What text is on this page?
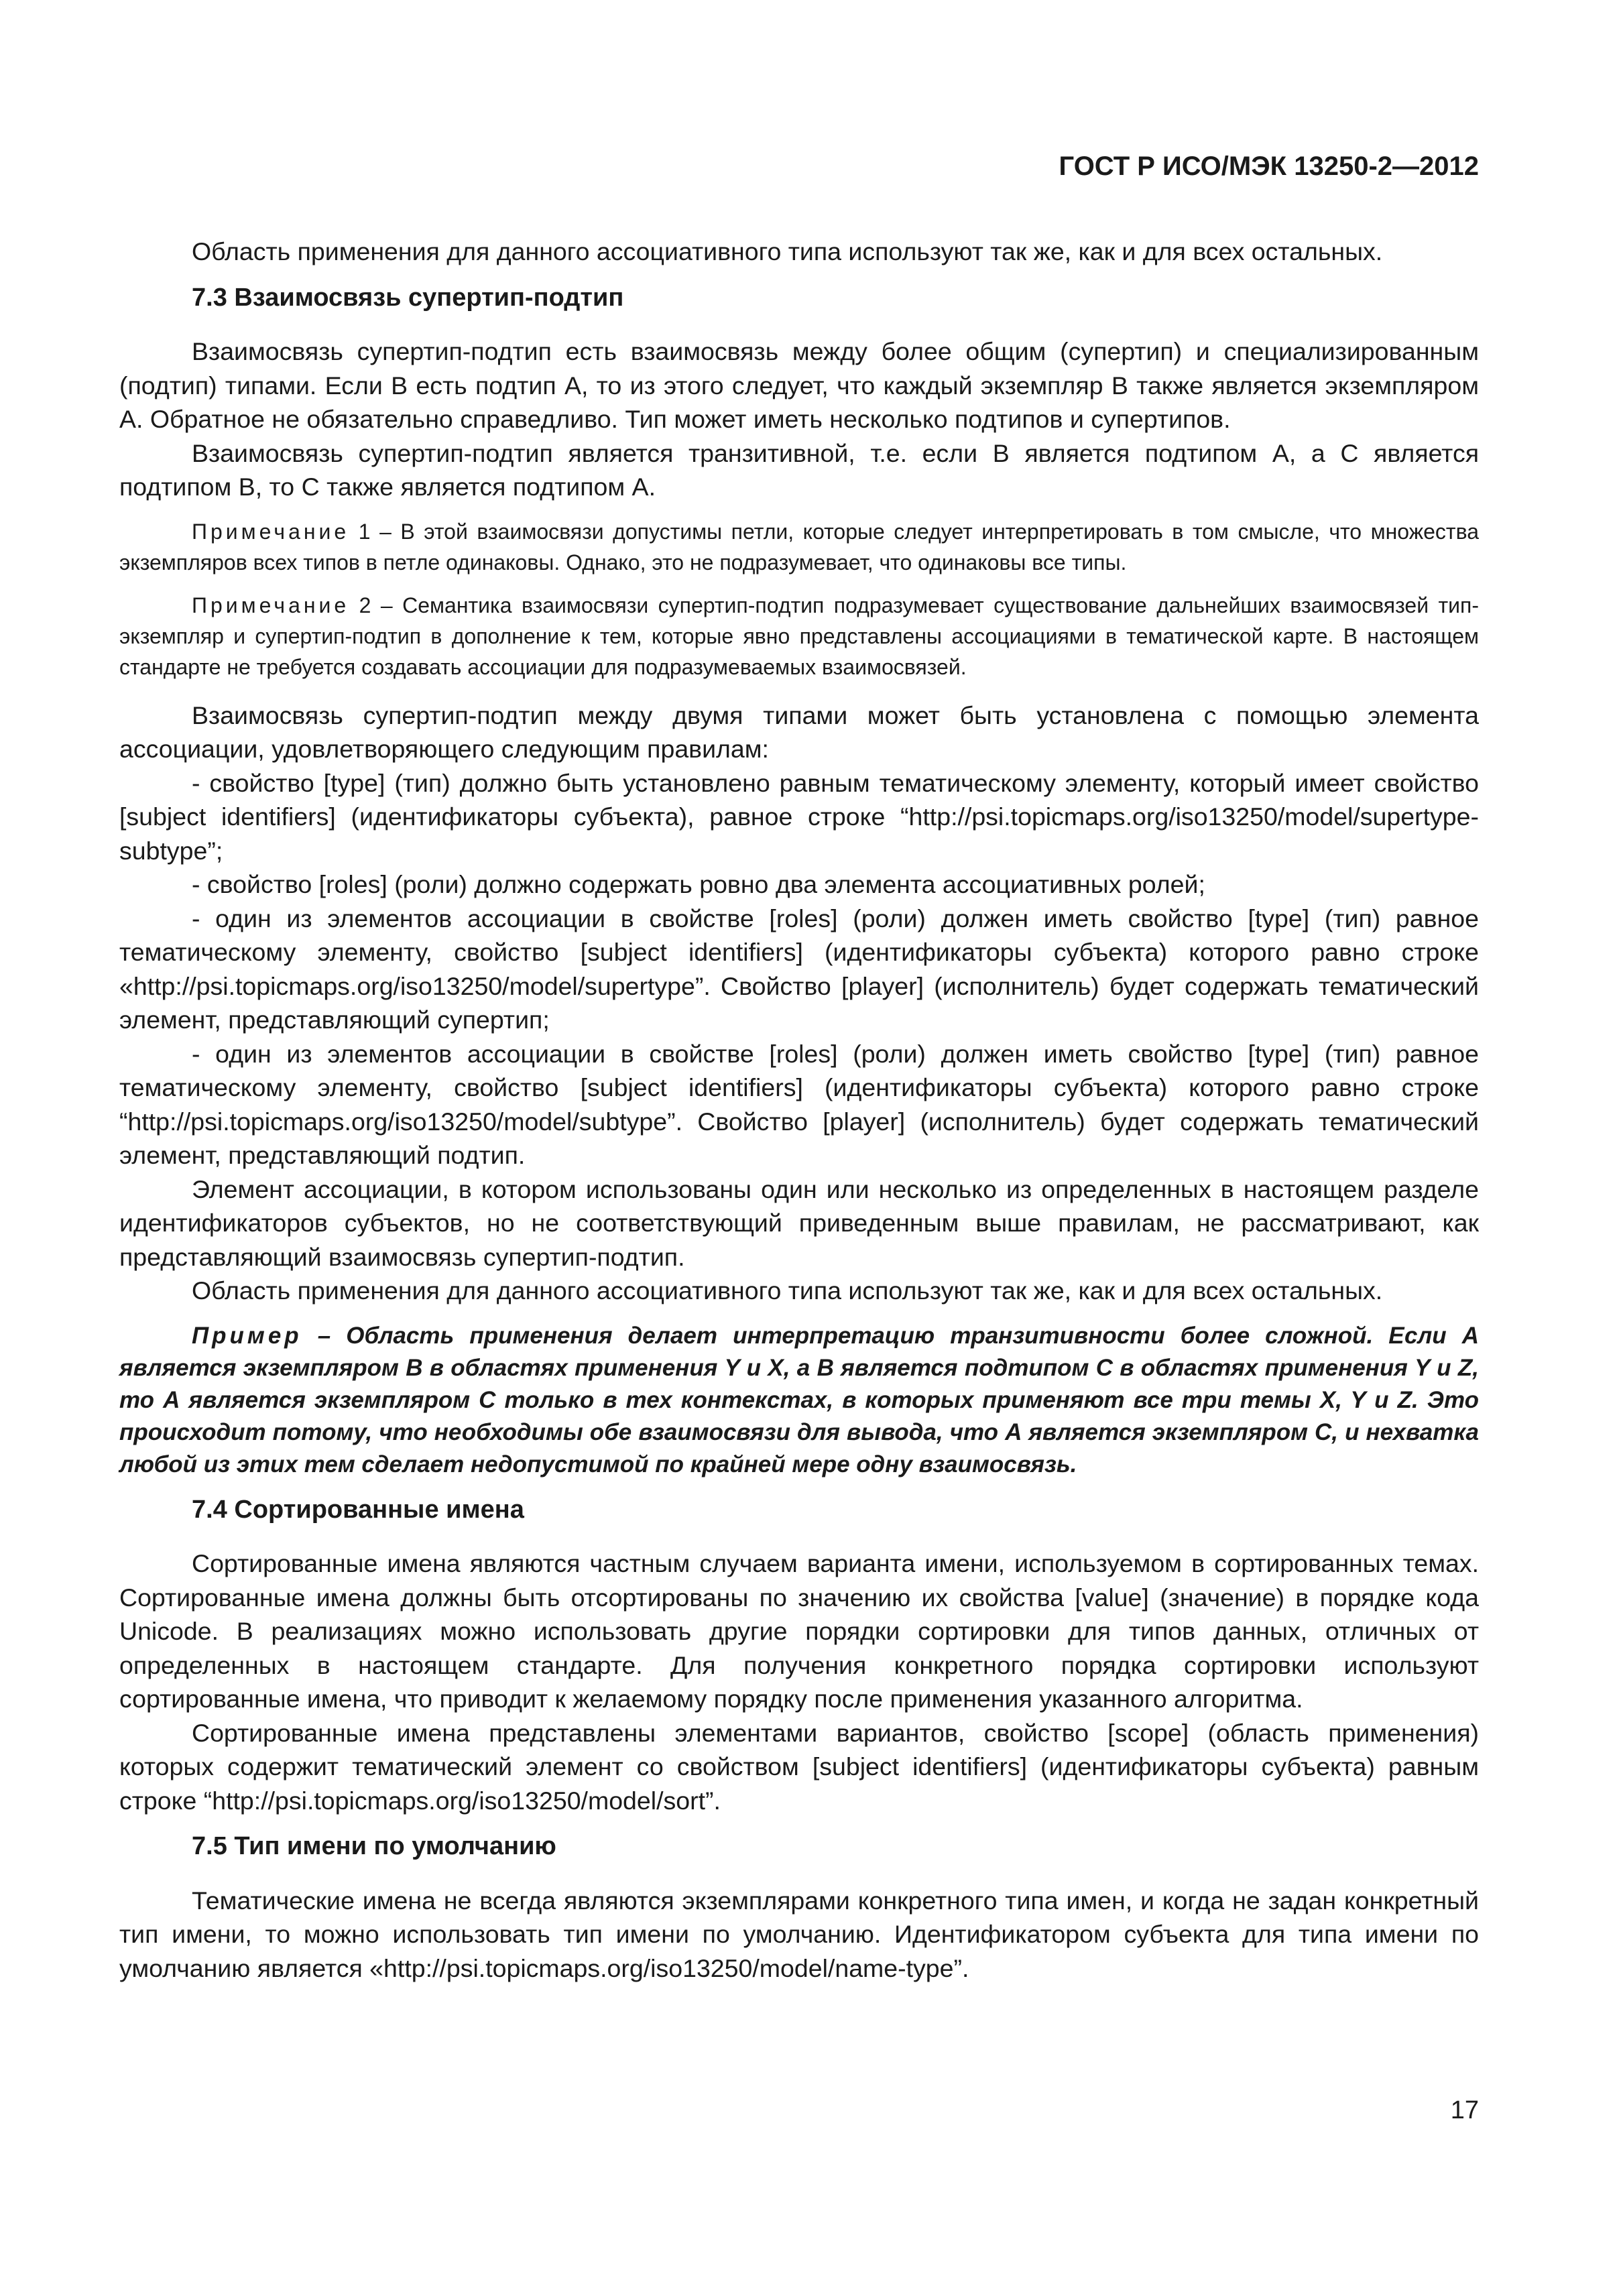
ГОСТ Р ИСО/МЭК 13250-2—2012

Область применения для данного ассоциативного типа используют так же, как и для всех остальных.

7.3 Взаимосвязь супертип-подтип

Взаимосвязь супертип-подтип есть взаимосвязь между более общим (супертип) и специализированным (подтип) типами. Если В есть подтип А, то из этого следует, что каждый экземпляр В также является экземпляром А. Обратное не обязательно справедливо. Тип может иметь несколько подтипов и супертипов.

Взаимосвязь супертип-подтип является транзитивной, т.е. если В является подтипом А, а С является подтипом В, то С также является подтипом А.

Примечание 1 – В этой взаимосвязи допустимы петли, которые следует интерпретировать в том смысле, что множества экземпляров всех типов в петле одинаковы. Однако, это не подразумевает, что одинаковы все типы.

Примечание 2 – Семантика взаимосвязи супертип-подтип подразумевает существование дальнейших взаимосвязей тип-экземпляр и супертип-подтип в дополнение к тем, которые явно представлены ассоциациями в тематической карте. В настоящем стандарте не требуется создавать ассоциации для подразумеваемых взаимосвязей.

Взаимосвязь супертип-подтип между двумя типами может быть установлена с помощью элемента ассоциации, удовлетворяющего следующим правилам:

- свойство [type] (тип) должно быть установлено равным тематическому элементу, который имеет свойство [subject identifiers] (идентификаторы субъекта), равное строке “http://psi.topicmaps.org/iso13250/model/supertype-subtype”;

- свойство [roles] (роли) должно содержать ровно два элемента ассоциативных ролей;

- один из элементов ассоциации в свойстве [roles] (роли) должен иметь свойство [type] (тип) равное тематическому элементу, свойство [subject identifiers] (идентификаторы субъекта) которого равно строке «http://psi.topicmaps.org/iso13250/model/supertype”. Свойство [player] (исполнитель) будет содержать тематический элемент, представляющий супертип;

- один из элементов ассоциации в свойстве [roles] (роли) должен иметь свойство [type] (тип) равное тематическому элементу, свойство [subject identifiers] (идентификаторы субъекта) которого равно строке “http://psi.topicmaps.org/iso13250/model/subtype”. Свойство [player] (исполнитель) будет содержать тематический элемент, представляющий подтип.

Элемент ассоциации, в котором использованы один или несколько из определенных в настоящем разделе идентификаторов субъектов, но не соответствующий приведенным выше правилам, не рассматривают, как представляющий взаимосвязь супертип-подтип.

Область применения для данного ассоциативного типа используют так же, как и для всех остальных.

Пример – Область применения делает интерпретацию транзитивности более сложной. Если А является экземпляром В в областях применения Y и X, а В является подтипом С в областях применения Y и Z, то А является экземпляром С только в тех контекстах, в которых применяют все три темы X, Y и Z. Это происходит потому, что необходимы обе взаимосвязи для вывода, что А является экземпляром С, и нехватка любой из этих тем сделает недопустимой по крайней мере одну взаимосвязь.

7.4 Сортированные имена

Сортированные имена являются частным случаем варианта имени, используемом в сортированных темах. Сортированные имена должны быть отсортированы по значению их свойства [value] (значение) в порядке кода Unicode. В реализациях можно использовать другие порядки сортировки для типов данных, отличных от определенных в настоящем стандарте. Для получения конкретного порядка сортировки используют сортированные имена, что приводит к желаемому порядку после применения указанного алгоритма.

Сортированные имена представлены элементами вариантов, свойство [scope] (область применения) которых содержит тематический элемент со свойством [subject identifiers] (идентификаторы субъекта) равным строке “http://psi.topicmaps.org/iso13250/model/sort”.

7.5 Тип имени по умолчанию

Тематические имена не всегда являются экземплярами конкретного типа имен, и когда не задан конкретный тип имени, то можно использовать тип имени по умолчанию. Идентификатором субъекта для типа имени по умолчанию является «http://psi.topicmaps.org/iso13250/model/name-type”.

17
